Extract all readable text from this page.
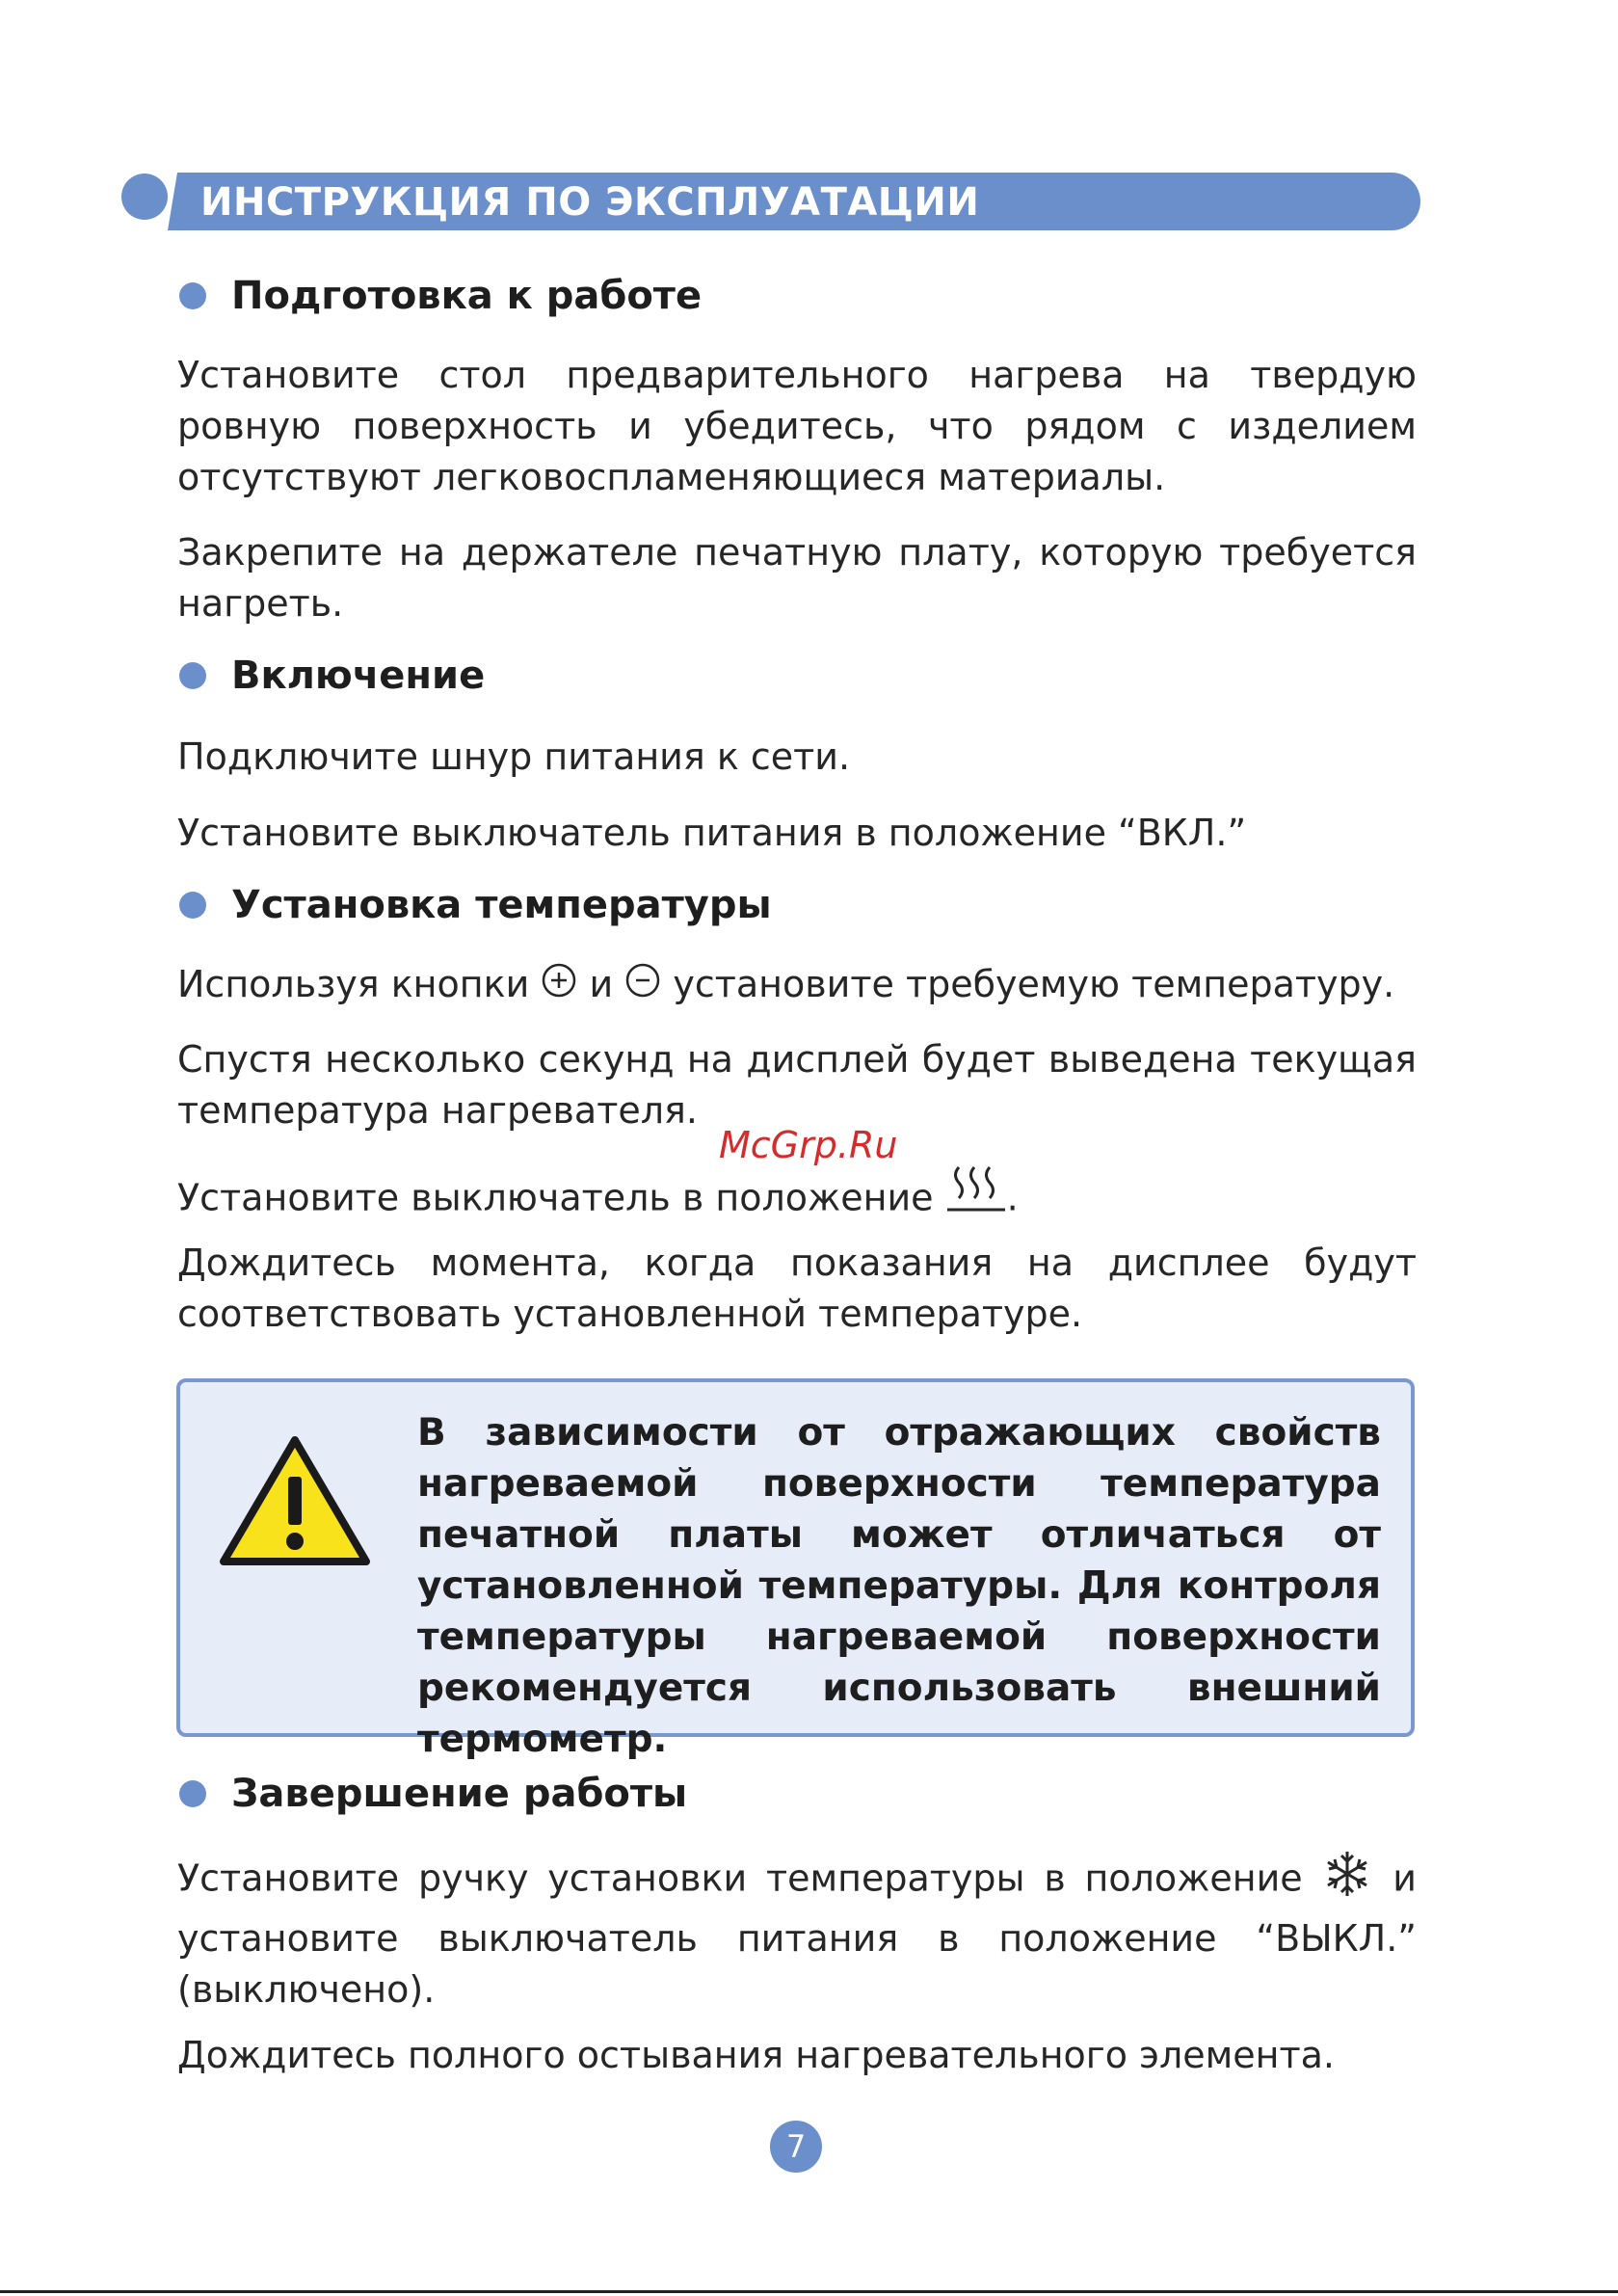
ИНСТРУКЦИЯ ПО ЭКСПЛУАТАЦИИ
Подготовка к работе
Установите стол предварительного нагрева на твердую ровную поверхность и убедитесь, что рядом с изделием отсутствуют легковоспламеняющиеся материалы.
Закрепите на держателе печатную плату, которую требуется нагреть.
Включение
Подключите шнур питания к сети.
Установите выключатель питания в положение “ВКЛ.”
Установка температуры
Используя кнопки и установите требуемую температуру.
Спустя несколько секунд на дисплей будет выведена текущая температура нагревателя.
McGrp.Ru
Установите выключатель в положение .
Дождитесь момента, когда показания на дисплее будут соответствовать установленной температуре.
В зависимости от отражающих свойств нагреваемой поверхности температура печатной платы может отличаться от установленной температуры. Для контроля температуры нагреваемой поверхности рекомендуется использовать внешний термометр.
Завершение работы
Установите ручку установки температуры в положение и установите выключатель питания в положение “ВЫКЛ.” (выключено).
Дождитесь полного остывания нагревательного элемента.
7
